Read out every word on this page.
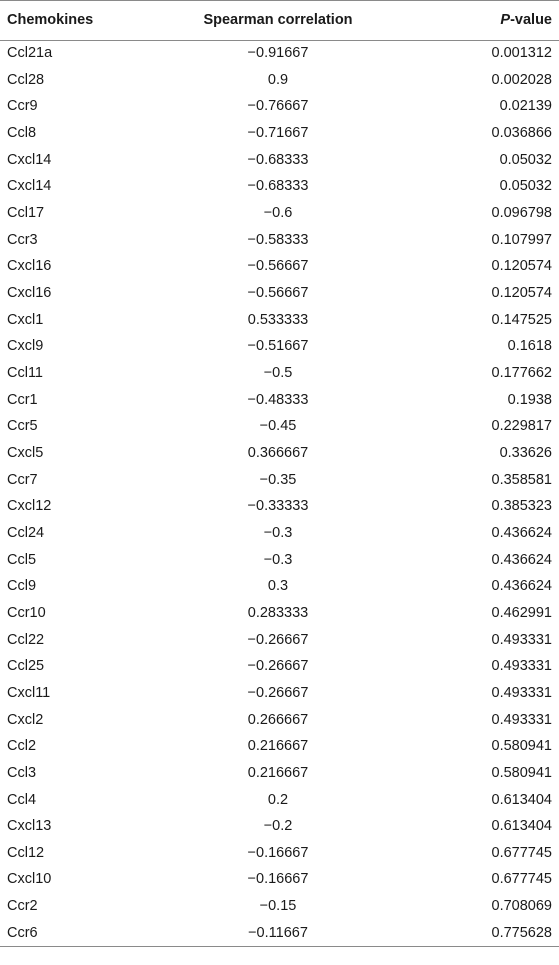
Chemokines	Spearman correlation	P-value
Ccl21a	−0.91667	0.001312
Ccl28	0.9	0.002028
Ccr9	−0.76667	0.02139
Ccl8	−0.71667	0.036866
Cxcl14	−0.68333	0.05032
Cxcl14	−0.68333	0.05032
Ccl17	−0.6	0.096798
Ccr3	−0.58333	0.107997
Cxcl16	−0.56667	0.120574
Cxcl16	−0.56667	0.120574
Cxcl1	0.533333	0.147525
Cxcl9	−0.51667	0.1618
Ccl11	−0.5	0.177662
Ccr1	−0.48333	0.1938
Ccr5	−0.45	0.229817
Cxcl5	0.366667	0.33626
Ccr7	−0.35	0.358581
Cxcl12	−0.33333	0.385323
Ccl24	−0.3	0.436624
Ccl5	−0.3	0.436624
Ccl9	0.3	0.436624
Ccr10	0.283333	0.462991
Ccl22	−0.26667	0.493331
Ccl25	−0.26667	0.493331
Cxcl11	−0.26667	0.493331
Cxcl2	0.266667	0.493331
Ccl2	0.216667	0.580941
Ccl3	0.216667	0.580941
Ccl4	0.2	0.613404
Cxcl13	−0.2	0.613404
Ccl12	−0.16667	0.677745
Cxcl10	−0.16667	0.677745
Ccr2	−0.15	0.708069
Ccr6	−0.11667	0.775628
